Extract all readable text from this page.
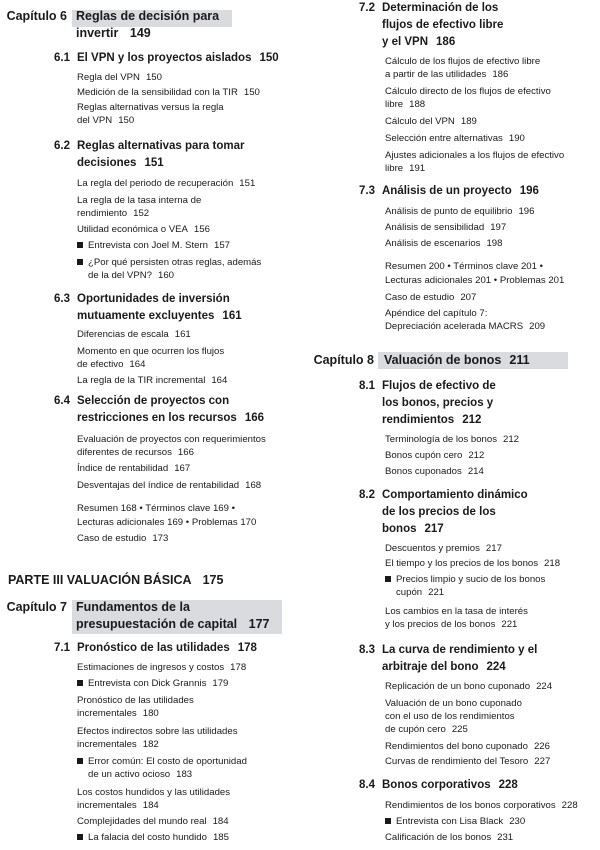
Capítulo 6 Reglas de decisión para
invertir 149
6.1 El VPN y los proyectos aislados 150
Regla del VPN 150
Medición de la sensibilidad con la TIR 150
Reglas alternativas versus la regla
del VPN 150
6.2 Reglas alternativas para tomar
decisiones 151
La regla del periodo de recuperación 151
La regla de la tasa interna de
rendimiento 152
Utilidad económica o VEA 156
Entrevista con Joel M. Stern 157
¿Por qué persisten otras reglas, además
de la del VPN? 160
6.3 Oportunidades de inversión
mutuamente excluyentes 161
Diferencias de escala 161
Momento en que ocurren los flujos
de efectivo 164
La regla de la TIR incremental 164
6.4 Selección de proyectos con
restricciones en los recursos 166
Evaluación de proyectos con requerimientos
diferentes de recursos 166
Índice de rentabilidad 167
Desventajas del índice de rentabilidad 168
Resumen 168 • Términos clave 169 •
Lecturas adicionales 169 • Problemas 170
Caso de estudio 173
PARTE III VALUACIÓN BÁSICA 175
Capítulo 7 Fundamentos de la
presupuestación de capital 177
7.1 Pronóstico de las utilidades 178
Estimaciones de ingresos y costos 178
Entrevista con Dick Grannis 179
Pronóstico de las utilidades
incrementales 180
Efectos indirectos sobre las utilidades
incrementales 182
Error común: El costo de oportunidad
de un activo ocioso 183
Los costos hundidos y las utilidades
incrementales 184
Complejidades del mundo real 184
La falacia del costo hundido 185
7.2 Determinación de los
flujos de efectivo libre
y el VPN 186
Cálculo de los flujos de efectivo libre
a partir de las utilidades 186
Cálculo directo de los flujos de efectivo
libre 188
Cálculo del VPN 189
Selección entre alternativas 190
Ajustes adicionales a los flujos de efectivo
libre 191
7.3 Análisis de un proyecto 196
Análisis de punto de equilibrio 196
Análisis de sensibilidad 197
Análisis de escenarios 198
Resumen 200 • Términos clave 201 •
Lecturas adicionales 201 • Problemas 201
Caso de estudio 207
Apéndice del capítulo 7:
Depreciación acelerada MACRS 209
Capítulo 8 Valuación de bonos 211
8.1 Flujos de efectivo de
los bonos, precios y
rendimientos 212
Terminología de los bonos 212
Bonos cupón cero 212
Bonos cuponados 214
8.2 Comportamiento dinámico
de los precios de los
bonos 217
Descuentos y premios 217
El tiempo y los precios de los bonos 218
Precios limpio y sucio de los bonos
cupón 221
Los cambios en la tasa de interés
y los precios de los bonos 221
8.3 La curva de rendimiento y el
arbitraje del bono 224
Replicación de un bono cuponado 224
Valuación de un bono cuponado
con el uso de los rendimientos
de cupón cero 225
Rendimientos del bono cuponado 226
Curvas de rendimiento del Tesoro 227
8.4 Bonos corporativos 228
Rendimientos de los bonos corporativos 228
Entrevista con Lisa Black 230
Calificación de los bonos 231
